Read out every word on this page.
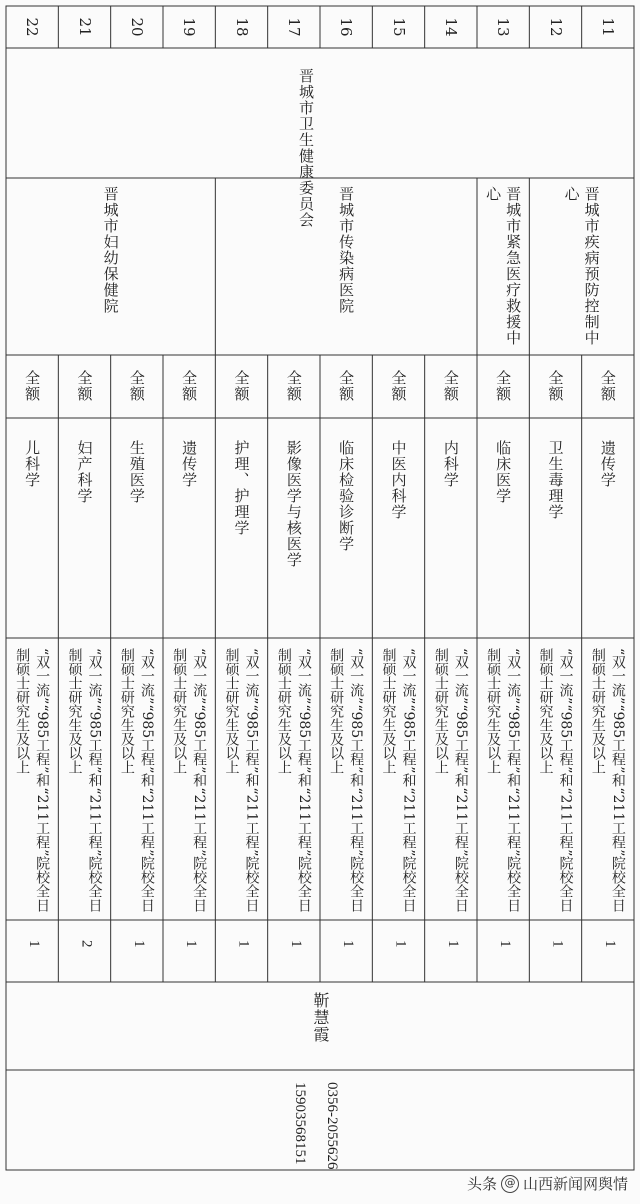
11
12
13
14
15
16
17
18
19
20
21
22
晋城市卫生健康委员会
晋城市疾病预防控制中心
晋城市紧急医疗救援中心
晋城市传染病医院
晋城市妇幼保健院
全额
遗传学
“双一流”“985工程”和“211工程”院校全日制硕士研究生及以上
1
全额
卫生毒理学
“双一流”“985工程”和“211工程”院校全日制硕士研究生及以上
1
全额
临床医学
“双一流”“985工程”和“211工程”院校全日制硕士研究生及以上
1
全额
内科学
“双一流”“985工程”和“211工程”院校全日制硕士研究生及以上
1
全额
中医内科学
“双一流”“985工程”和“211工程”院校全日制硕士研究生及以上
1
全额
临床检验诊断学
“双一流”“985工程”和“211工程”院校全日制硕士研究生及以上
1
全额
影像医学与核医学
“双一流”“985工程”和“211工程”院校全日制硕士研究生及以上
1
全额
护理、护理学
“双一流”“985工程”和“211工程”院校全日制硕士研究生及以上
1
全额
遗传学
“双一流”“985工程”和“211工程”院校全日制硕士研究生及以上
1
全额
生殖医学
“双一流”“985工程”和“211工程”院校全日制硕士研究生及以上
1
全额
妇产科学
“双一流”“985工程”和“211工程”院校全日制硕士研究生及以上
2
全额
儿科学
“双一流”“985工程”和“211工程”院校全日制硕士研究生及以上
1
靳慧霞
0356-2055626
15903568151
头条 @ 山西新闻网舆情
